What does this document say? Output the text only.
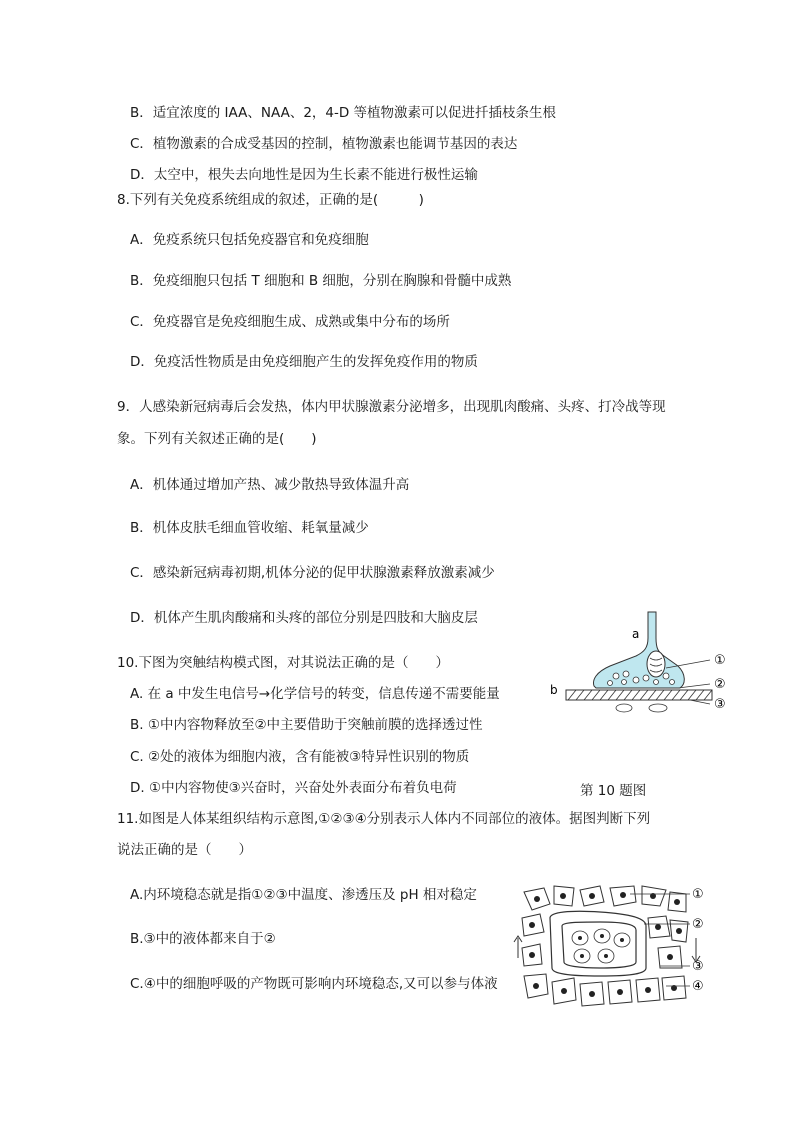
B．适宜浓度的 IAA、NAA、2，4-D 等植物激素可以促进扦插枝条生根
C．植物激素的合成受基因的控制，植物激素也能调节基因的表达
D．太空中，根失去向地性是因为生长素不能进行极性运输
8.下列有关免疫系统组成的叙述，正确的是(　　　)
A．免疫系统只包括免疫器官和免疫细胞
B．免疫细胞只包括 T 细胞和 B 细胞，分别在胸腺和骨髓中成熟
C．免疫器官是免疫细胞生成、成熟或集中分布的场所
D．免疫活性物质是由免疫细胞产生的发挥免疫作用的物质
9．人感染新冠病毒后会发热，体内甲状腺激素分泌增多，出现肌肉酸痛、头疼、打冷战等现
象。下列有关叙述正确的是(　　)
A．机体通过增加产热、减少散热导致体温升高
B．机体皮肤毛细血管收缩、耗氧量减少
C．感染新冠病毒初期,机体分泌的促甲状腺激素释放激素减少
D．机体产生肌肉酸痛和头疼的部位分别是四肢和大脑皮层
10.下图为突触结构模式图，对其说法正确的是（　　）
A. 在 a 中发生电信号→化学信号的转变，信息传递不需要能量
B. ①中内容物释放至②中主要借助于突触前膜的选择透过性
C. ②处的液体为细胞内液，含有能被③特异性识别的物质
D. ①中内容物使③兴奋时，兴奋处外表面分布着负电荷	第 10 题图
a
b
①
②
③
11.如图是人体某组织结构示意图,①②③④分别表示人体内不同部位的液体。据图判断下列
说法正确的是（　　）
A.内环境稳态就是指①②③中温度、渗透压及 pH 相对稳定
B.③中的液体都来自于②
C.④中的细胞呼吸的产物既可影响内环境稳态,又可以参与体液
①
②
③
④
